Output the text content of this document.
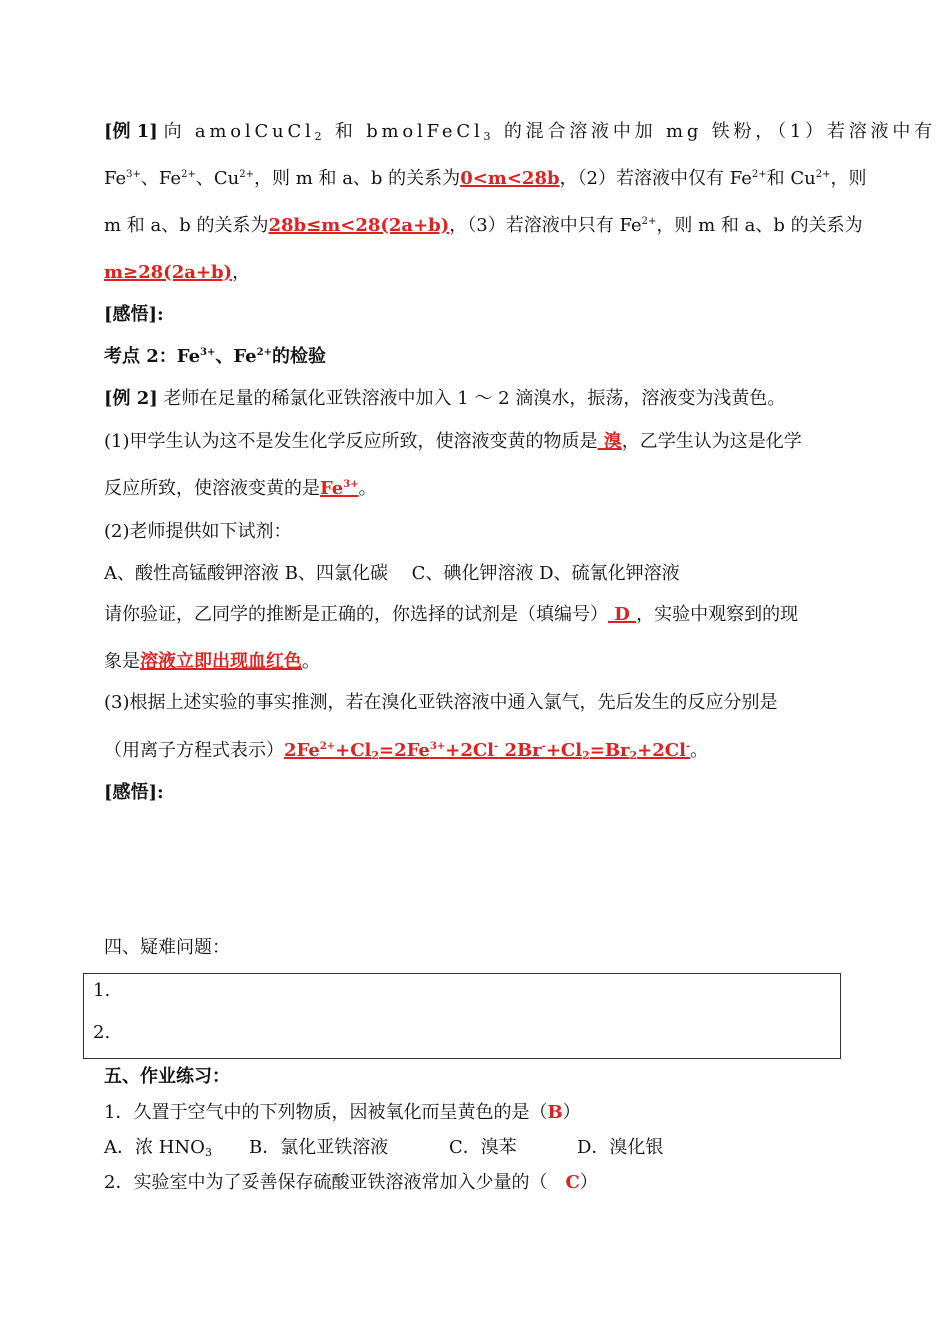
[例 1] 向 amolCuCl$_2$ 和 bmolFeCl$_3$ 的混合溶液中加 mg 铁粉，（1）若溶液中有
$Fe^{3+}$、$Fe^{2+}$、$Cu^{2+}$，则 m 和 a、b 的关系为0<m<28b，（2）若溶液中仅有 $Fe^{2+}$和 $Cu^{2+}$，则
m 和 a、b 的关系为28b≤m<28(2a+b)，（3）若溶液中只有 $Fe^{2+}$，则 m 和 a、b 的关系为
m≥28(2a+b)，
[感悟]:
考点 2：$Fe^{3+}$、$Fe^{2+}$的检验
[例 2] 老师在足量的稀氯化亚铁溶液中加入 1 ～ 2 滴溴水，振荡，溶液变为浅黄色。
(1)甲学生认为这不是发生化学反应所致，使溶液变黄的物质是 溴，乙学生认为这是化学
反应所致，使溶液变黄的是$Fe^{3+}$。
(2)老师提供如下试剂：
A、酸性高锰酸钾溶液 B、四氯化碳　 C、碘化钾溶液 D、硫氰化钾溶液
请你验证，乙同学的推断是正确的，你选择的试剂是（填编号） D ，实验中观察到的现
象是溶液立即出现血红色。
(3)根据上述实验的事实推测，若在溴化亚铁溶液中通入氯气，先后发生的反应分别是
（用离子方程式表示）$2Fe^{2+}+Cl_2=2Fe^{3+}+2Cl^-$ $2Br^-+Cl_2=Br_2+2Cl^-$。
[感悟]:
四、疑难问题：
1.
2.
五、作业练习：
1．久置于空气中的下列物质，因被氧化而呈黄色的是（B）
A．浓 $HNO_3$ B．氯化亚铁溶液	C．溴苯	D．溴化银
2．实验室中为了妥善保存硫酸亚铁溶液常加入少量的（　C）
